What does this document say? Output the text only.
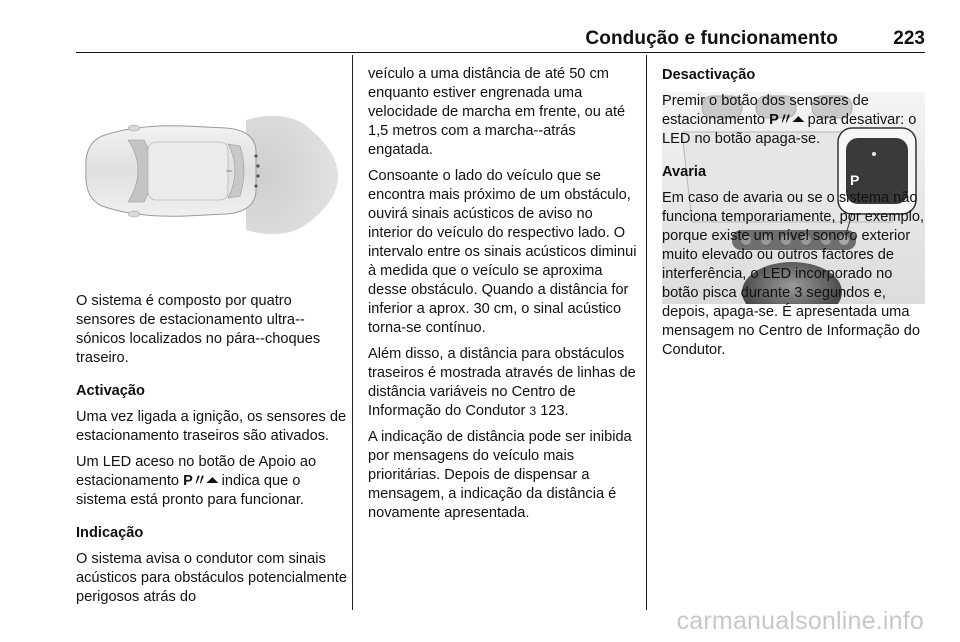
Condução e funcionamento	223

O sistema é composto por quatro sensores de estacionamento ultra--sónicos localizados no pára--choques traseiro.

Activação

Uma vez ligada a ignição, os sensores de estacionamento traseiros são ativados.

Um LED aceso no botão de Apoio ao estacionamento P〃⏶ indica que o sistema está pronto para funcionar.

Indicação

O sistema avisa o condutor com sinais acústicos para obstáculos potencialmente perigosos atrás do

veículo a uma distância de até 50 cm enquanto estiver engrenada uma velocidade de marcha em frente, ou até 1,5 metros com a marcha--atrás engatada.

Consoante o lado do veículo que se encontra mais próximo de um obstáculo, ouvirá sinais acústicos de aviso no interior do veículo do respectivo lado. O intervalo entre os sinais acústicos diminui à medida que o veículo se aproxima desse obstáculo. Quando a distância for inferior a aprox. 30 cm, o sinal acústico torna-se contínuo.

Além disso, a distância para obstáculos traseiros é mostrada através de linhas de distância variáveis no Centro de Informação do Condutor 3 123.

A indicação de distância pode ser inibida por mensagens do veículo mais prioritárias. Depois de dispensar a mensagem, a indicação da distância é novamente apresentada.

P

Desactivação

Premir o botão dos sensores de estacionamento P〃⏶ para desativar: o LED no botão apaga-se.

Avaria

Em caso de avaria ou se o sistema não funciona temporariamente, por exemplo, porque existe um nível sonoro exterior muito elevado ou outros factores de interferência, o LED incorporado no botão pisca durante 3 segundos e, depois, apaga-se. É apresentada uma mensagem no Centro de Informação do Condutor.

carmanualsonline.info
